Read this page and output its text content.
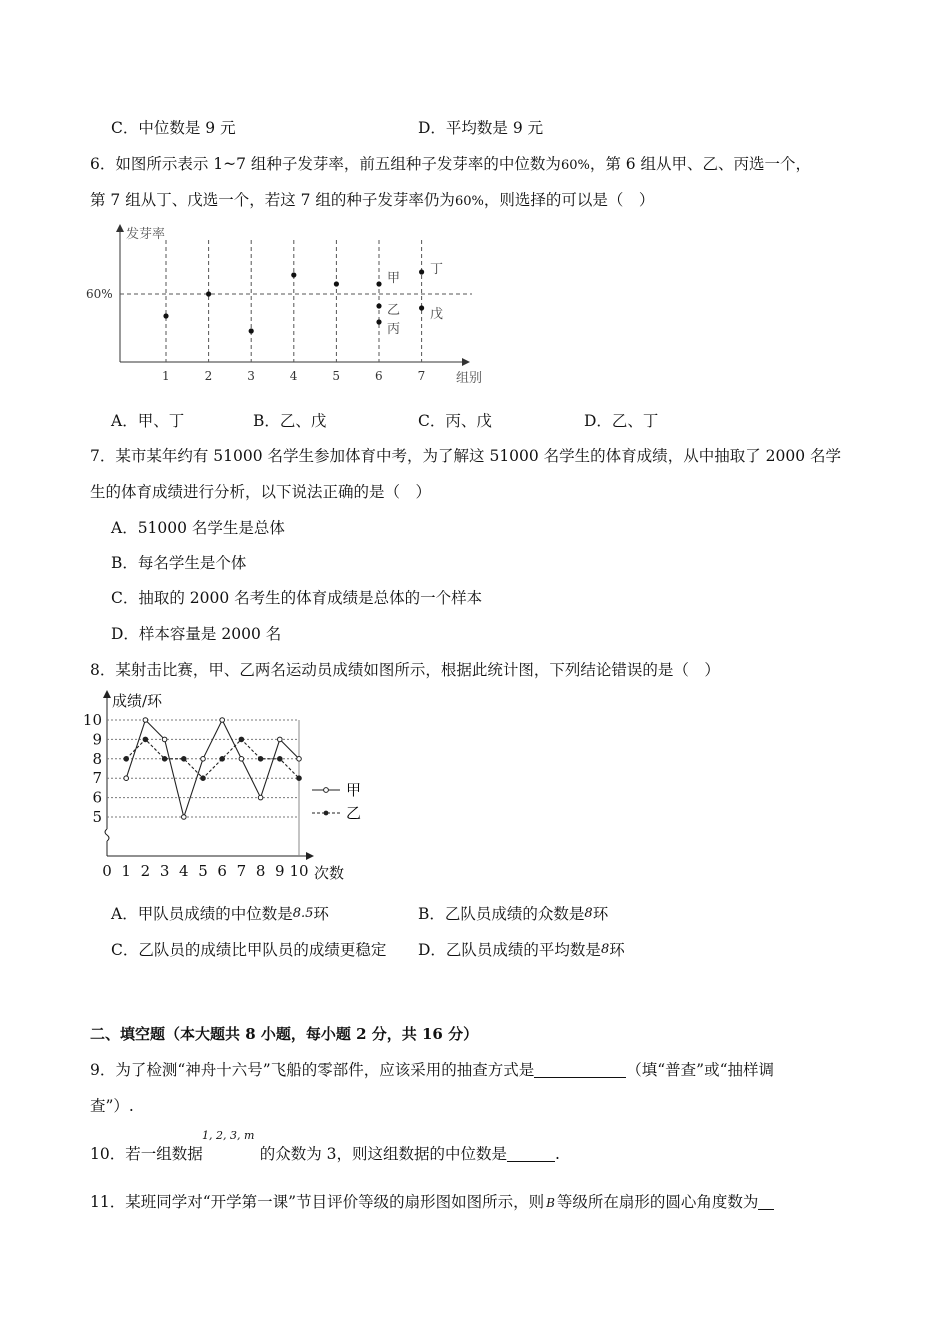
C．中位数是 9 元	D．平均数是 9 元
6．如图所示表示 1~7 组种子发芽率，前五组种子发芽率的中位数为60%，第 6 组从甲、乙、丙选一个，
第 7 组从丁、戊选一个，若这 7 组的种子发芽率仍为60%，则选择的可以是（　）
发芽率
组别
60%
1	2	3	4	5	6	7
甲
乙
丙
丁
戊
A．甲、丁	B．乙、戊	C．丙、戊	D．乙、丁
7．某市某年约有 51000 名学生参加体育中考，为了解这 51000 名学生的体育成绩，从中抽取了 2000 名学
生的体育成绩进行分析，以下说法正确的是（　）
A．51000 名学生是总体
B．每名学生是个体
C．抽取的 2000 名考生的体育成绩是总体的一个样本
D．样本容量是 2000 名
8．某射击比赛，甲、乙两名运动员成绩如图所示，根据此统计图，下列结论错误的是（　）
成绩/环
次数
5
6
7
8
9
10
0 1 2 3 4 5 6 7 8 9 10
甲
乙
A．甲队员成绩的中位数是8.5环	B．乙队员成绩的众数是8环
C．乙队员的成绩比甲队员的成绩更稳定 D．乙队员成绩的平均数是8环
二、填空题（本大题共 8 小题，每小题 2 分，共 16 分）
9．为了检测“神舟十六号”飞船的零部件，应该采用的抽查方式是	（填“普查”或“抽样调
查”）.
1, 2, 3, m
10．若一组数据	的众数为 3，则这组数据的中位数是	.
11．某班同学对“开学第一课”节目评价等级的扇形图如图所示，则 B 等级所在扇形的圆心角度数为
